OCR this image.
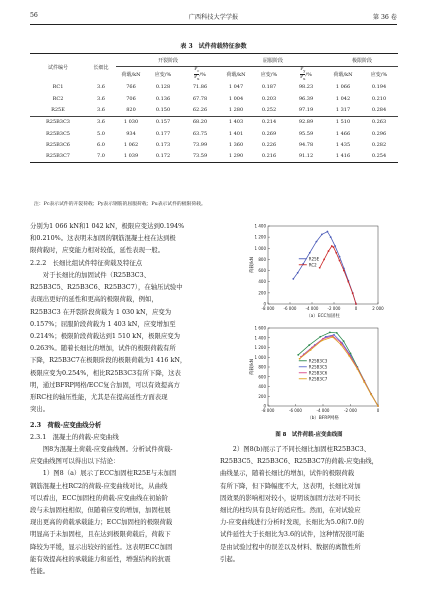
56	广西科技大学学报	第 36 卷
表 3　试件荷载特征参数
试件编号	长细比	开裂阶段			屈服阶段			极限阶段	
		荷载/kN	应变/%	$\frac{P_c}{P_u}$ /%	荷载/kN	应变/%	$\frac{P_y}{P_u}$ /%	荷载/kN	应变/%
RC1	3.6	766	0.128	71.86	1 047	0.187	98.23	1 066	0.194
RC2	3.6	706	0.136	67.78	1 004	0.203	96.39	1 042	0.210
R25E	3.6	820	0.150	62.26	1 280	0.252	97.19	1 317	0.284
R25B3C3	3.6	1 030	0.157	68.20	1 403	0.214	92.89	1 510	0.263
R25B3C5	5.0	934	0.177	63.75	1 401	0.269	95.59	1 466	0.296
R25B3C6	6.0	1 062	0.173	73.99	1 360	0.226	94.78	1 435	0.282
R25B3C7	7.0	1 039	0.172	73.59	1 290	0.216	91.12	1 416	0.254
注：Pc表示试件的开裂荷载；Py表示钢筋的屈服荷载；Pu表示试件的极限荷载。
分别为1 066 kN和1 042 kN，极限应变达到0.194%
和0.210%。这表明未加固的钢筋混凝土柱在达到极
限荷载时，应变能力相对较低，延性表现一般。
2.2.2　长细比组试件特征荷载及特征点
　　对于长细比的加固试件（R25B3C3、
R25B3C5、R25B3C6、R25B3C7），在轴压试验中
表现出更好的延性和更高的极限荷载，例如，
R25B3C3 在开裂阶段荷载为 1 030 kN，应变为
0.157%；屈服阶段荷载为 1 403 kN，应变增加至
0.214%；极限阶段荷载达到1 510 kN，极限应变为
0.263%。随着长细比的增加，试件的极限荷载有所
下降，R25B3C7在极限阶段的极限荷载为1 416 kN，
极限应变为0.254%，相比R25B3C3有所下降，这表
明，通过BFRP网格/ECC复合加固，可以有效提高方
形RC柱的轴压性能，尤其是在提高延性方面表现
突出。
2.3　荷载-应变曲线分析
2.3.1　混凝土的荷载-应变曲线
　　图8为混凝土荷载-应变曲线图。分析试件荷载-
应变曲线图可以得出以下结论：
　　1）图8（a）展示了ECC加固柱R25E与未加固
钢筋混凝土柱RC2的荷载-应变曲线对比，从曲线
可以看出，ECC加固柱的荷载-应变曲线在初始阶
段与未加固柱相似，但随着应变的增加，加固柱展
现出更高的荷载承载能力；ECC加固柱的极限荷载
明显高于未加固柱，且在达到极限荷载后，荷载下
降较为平缓，显示出较好的延性。这表明ECC加固
能有效提高柱的承载能力和延性，增强结构的抗震
性能。
1 400
1 200
1 000
800
600
400
200
0
-8 000 -6 000 -4 000 -2 000	0	2 000
荷载/kN	R25E
RC2
（a）ECC加固柱
1 600
1 400
1 200
1 000
800
600
400
200
0
-8 000	-6 000	-4 000	-2 000	0
荷载/kN	R25B3C3
R25B3C5
R25B3C6
R25B3C7
（b）BFRP网格
图 8　试件荷载-应变曲线图
　　2）图8(b)展示了不同长细比加固柱R25B3C3、
R25B3C5、R25B3C6、R25B3C7的荷载-应变曲线，
曲线显示，随着长细比的增加，试件的极限荷载
有所下降，但下降幅度不大，这表明，长细比对加
固效果的影响相对较小，说明该加固方法对不同长
细比的柱均具有良好的适应性。然而，在对试验应
力-应变曲线进行分析时发现，长细比为5.0和7.0的
试件延性大于长细比为3.6的试件，这种情况很可能
是由试验过程中的误差以及材料、数据的离散性所
引起。
